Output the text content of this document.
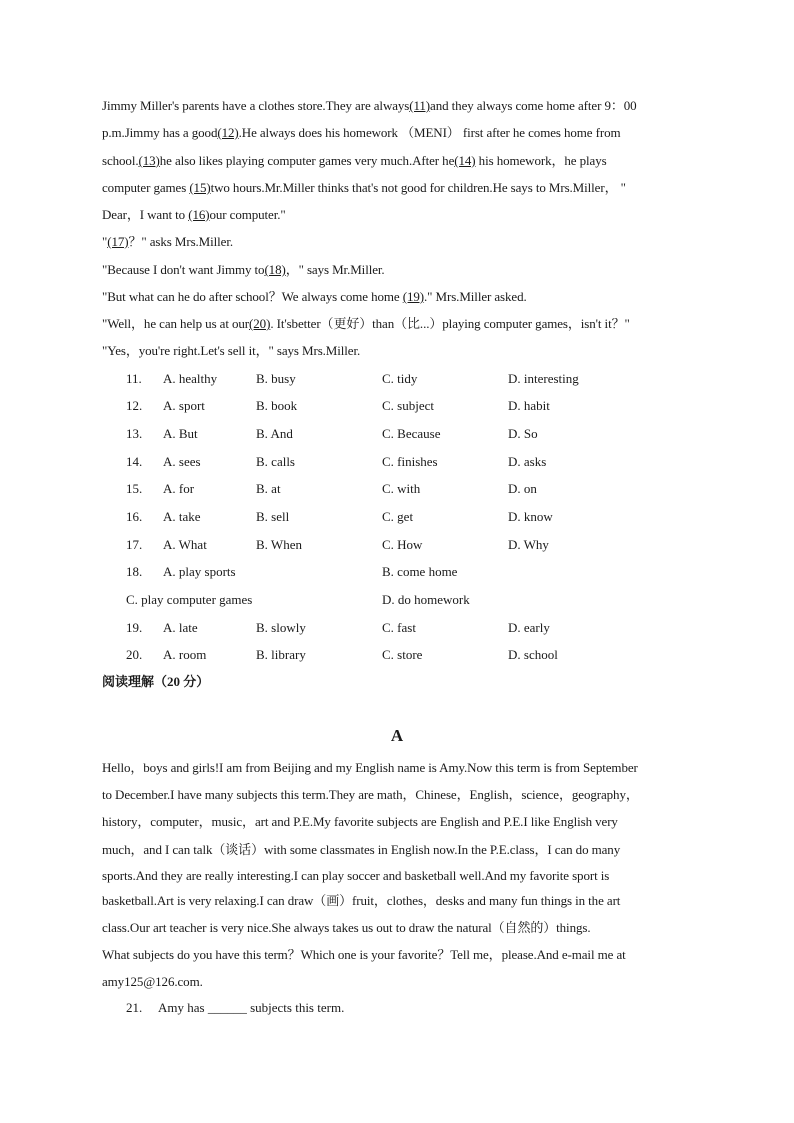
Jimmy Miller's parents have a clothes store.They are always(11)and they always come home after 9：00
p.m.Jimmy has a good(12).He always does his homework （MENI） first after he comes home from
school.(13)he also likes playing computer games very much.After he(14) his homework，he plays
computer games (15)two hours.Mr.Miller thinks that's not good for children.He says to Mrs.Miller， "
Dear，I want to (16)our computer."
"(17)？" asks Mrs.Miller.
"Because I don't want Jimmy to(18)，" says Mr.Miller.
"But what can he do after school？We always come home (19)." Mrs.Miller asked.
"Well，he can help us at our(20). It'sbetter（更好）than（比...）playing computer games，isn't it？"
"Yes，you're right.Let's sell it，" says Mrs.Miller.
11. A. healthy	B. busy	C. tidy	D. interesting
12. A. sport	B. book	C. subject	D. habit
13. A. But	B. And	C. Because	D. So
14. A. sees	B. calls	C. finishes	D. asks
15. A. for	B. at	C. with	D. on
16. A. take	B. sell	C. get	D. know
17. A. What	B. When	C. How	D. Why
18. A. play sports	B. come home
C. play computer games	D. do homework
19. A. late	B. slowly	C. fast	D. early
20. A. room	B. library	C. store	D. school
阅读理解（20 分）
A
Hello，boys and girls!I am from Beijing and my English name is Amy.Now this term is from September
to December.I have many subjects this term.They are math，Chinese，English，science，geography，
history，computer，music，art and P.E.My favorite subjects are English and P.E.I like English very
much，and I can talk（谈话）with some classmates in English now.In the P.E.class，I can do many
sports.And they are really interesting.I can play soccer and basketball well.And my favorite sport is
basketball.Art is very relaxing.I can draw（画）fruit，clothes，desks and many fun things in the art
class.Our art teacher is very nice.She always takes us out to draw the natural（自然的）things.
What subjects do you have this term？Which one is your favorite？Tell me，please.And e-mail me at
amy125@126.com.
21. Amy has ______ subjects this term.
